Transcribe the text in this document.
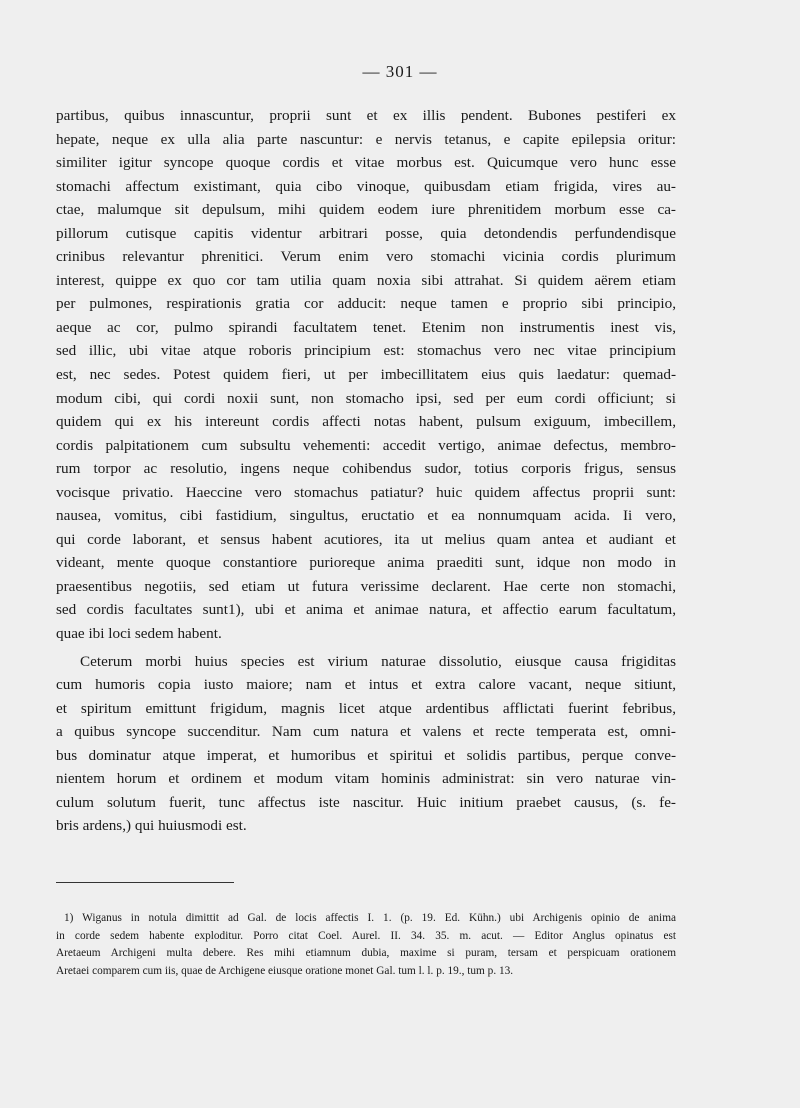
— 301 —
partibus, quibus innascuntur, proprii sunt et ex illis pendent. Bubones pestiferi ex
hepate, neque ex ulla alia parte nascuntur: e nervis tetanus, e capite epilepsia oritur:
similiter igitur syncope quoque cordis et vitae morbus est. Quicumque vero hunc esse
stomachi affectum existimant, quia cibo vinoque, quibusdam etiam frigida, vires au-
ctae, malumque sit depulsum, mihi quidem eodem iure phrenitidem morbum esse ca-
pillorum cutisque capitis videntur arbitrari posse, quia detondendis perfundendisque
crinibus relevantur phrenitici. Verum enim vero stomachi vicinia cordis plurimum
interest, quippe ex quo cor tam utilia quam noxia sibi attrahat. Si quidem aërem etiam
per pulmones, respirationis gratia cor adducit: neque tamen e proprio sibi principio,
aeque ac cor, pulmo spirandi facultatem tenet. Etenim non instrumentis inest vis,
sed illic, ubi vitae atque roboris principium est: stomachus vero nec vitae principium
est, nec sedes. Potest quidem fieri, ut per imbecillitatem eius quis laedatur: quemad-
modum cibi, qui cordi noxii sunt, non stomacho ipsi, sed per eum cordi officiunt; si
quidem qui ex his intereunt cordis affecti notas habent, pulsum exiguum, imbecillem,
cordis palpitationem cum subsultu vehementi: accedit vertigo, animae defectus, membro-
rum torpor ac resolutio, ingens neque cohibendus sudor, totius corporis frigus, sensus
vocisque privatio. Haeccine vero stomachus patiatur? huic quidem affectus proprii sunt:
nausea, vomitus, cibi fastidium, singultus, eructatio et ea nonnumquam acida. Ii vero,
qui corde laborant, et sensus habent acutiores, ita ut melius quam antea et audiant et
videant, mente quoque constantiore purioreque anima praediti sunt, idque non modo in
praesentibus negotiis, sed etiam ut futura verissime declarent. Hae certe non stomachi,
sed cordis facultates sunt1), ubi et anima et animae natura, et affectio earum facultatum,
quae ibi loci sedem habent.
Ceterum morbi huius species est virium naturae dissolutio, eiusque causa frigiditas
cum humoris copia iusto maiore; nam et intus et extra calore vacant, neque sitiunt,
et spiritum emittunt frigidum, magnis licet atque ardentibus afflictati fuerint febribus,
a quibus syncope succenditur. Nam cum natura et valens et recte temperata est, omni-
bus dominatur atque imperat, et humoribus et spiritui et solidis partibus, perque conve-
nientem horum et ordinem et modum vitam hominis administrat: sin vero naturae vin-
culum solutum fuerit, tunc affectus iste nascitur. Huic initium praebet causus, (s. fe-
bris ardens,) qui huiusmodi est.
1) Wiganus in notula dimittit ad Gal. de locis affectis I. 1. (p. 19. Ed. Kühn.) ubi Archigenis opinio de anima
in corde sedem habente exploditur. Porro citat Coel. Aurel. II. 34. 35. m. acut. — Editor Anglus opinatus est
Aretaeum Archigeni multa debere. Res mihi etiamnum dubia, maxime si puram, tersam et perspicuam orationem
Aretaei comparem cum iis, quae de Archigene eiusque oratione monet Gal. tum l. l. p. 19., tum p. 13.
